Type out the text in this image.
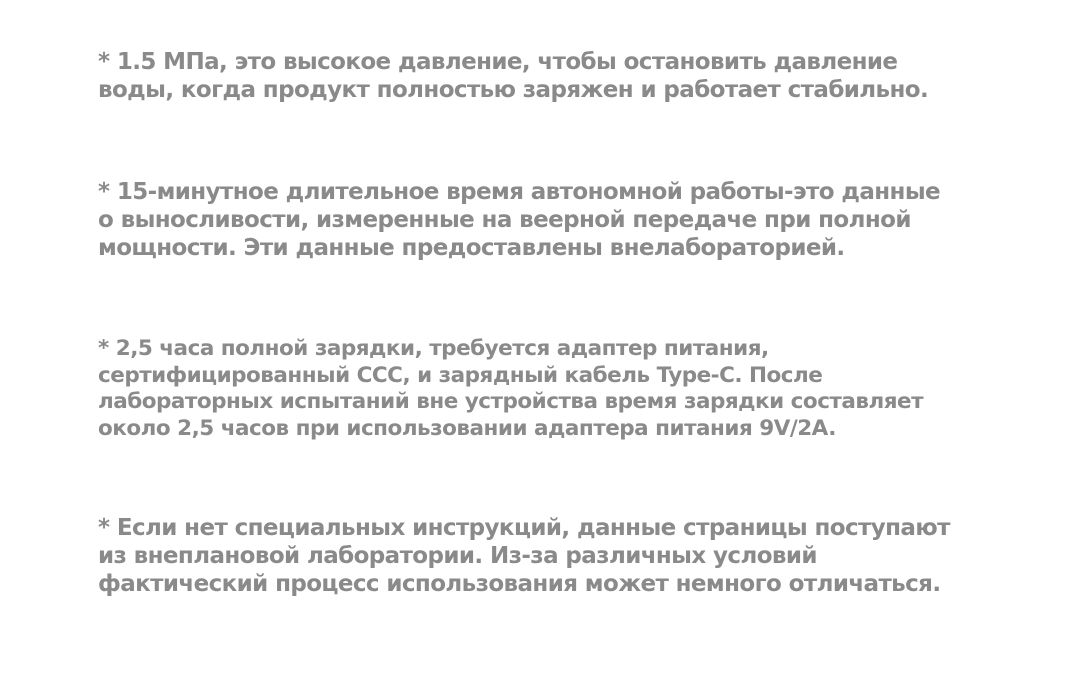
* 1.5 МПа, это высокое давление, чтобы остановить давление
воды, когда продукт полностью заряжен и работает стабильно.

* 15-минутное длительное время автономной работы-это данные
о выносливости, измеренные на веерной передаче при полной
мощности. Эти данные предоставлены внелабораторией.

* 2,5 часа полной зарядки, требуется адаптер питания,
сертифицированный CCC, и зарядный кабель Type-C. После
лабораторных испытаний вне устройства время зарядки составляет
около 2,5 часов при использовании адаптера питания 9V/2A.

* Если нет специальных инструкций, данные страницы поступают
из внеплановой лаборатории. Из-за различных условий
фактический процесс использования может немного отличаться.
